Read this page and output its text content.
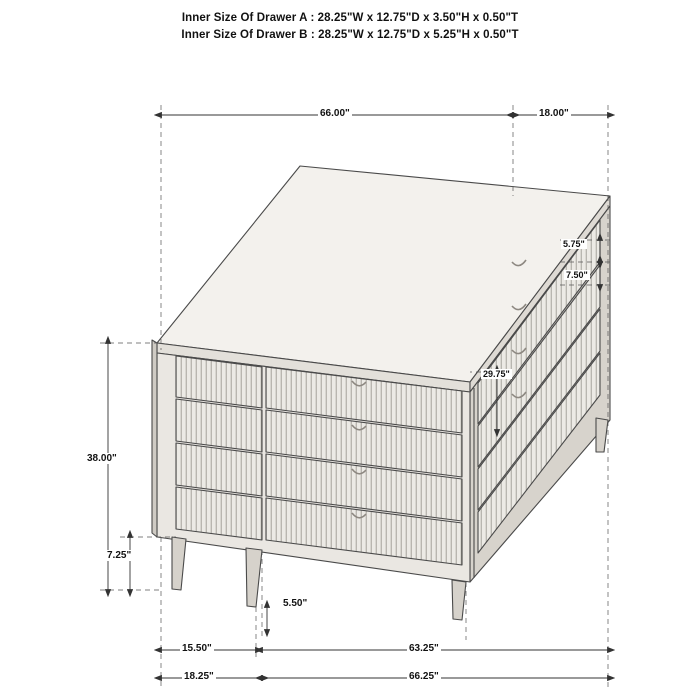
Inner Size Of Drawer A : 28.25"W x 12.75"D x 3.50"H x 0.50"T
Inner Size Of Drawer B : 28.25"W x 12.75"D x 5.25"H x 0.50"T
66.00"	18.00"
5.75"
7.50"
29.75"
38.00"
7.25"
5.50"
15.50"	63.25"
18.25"	66.25"
